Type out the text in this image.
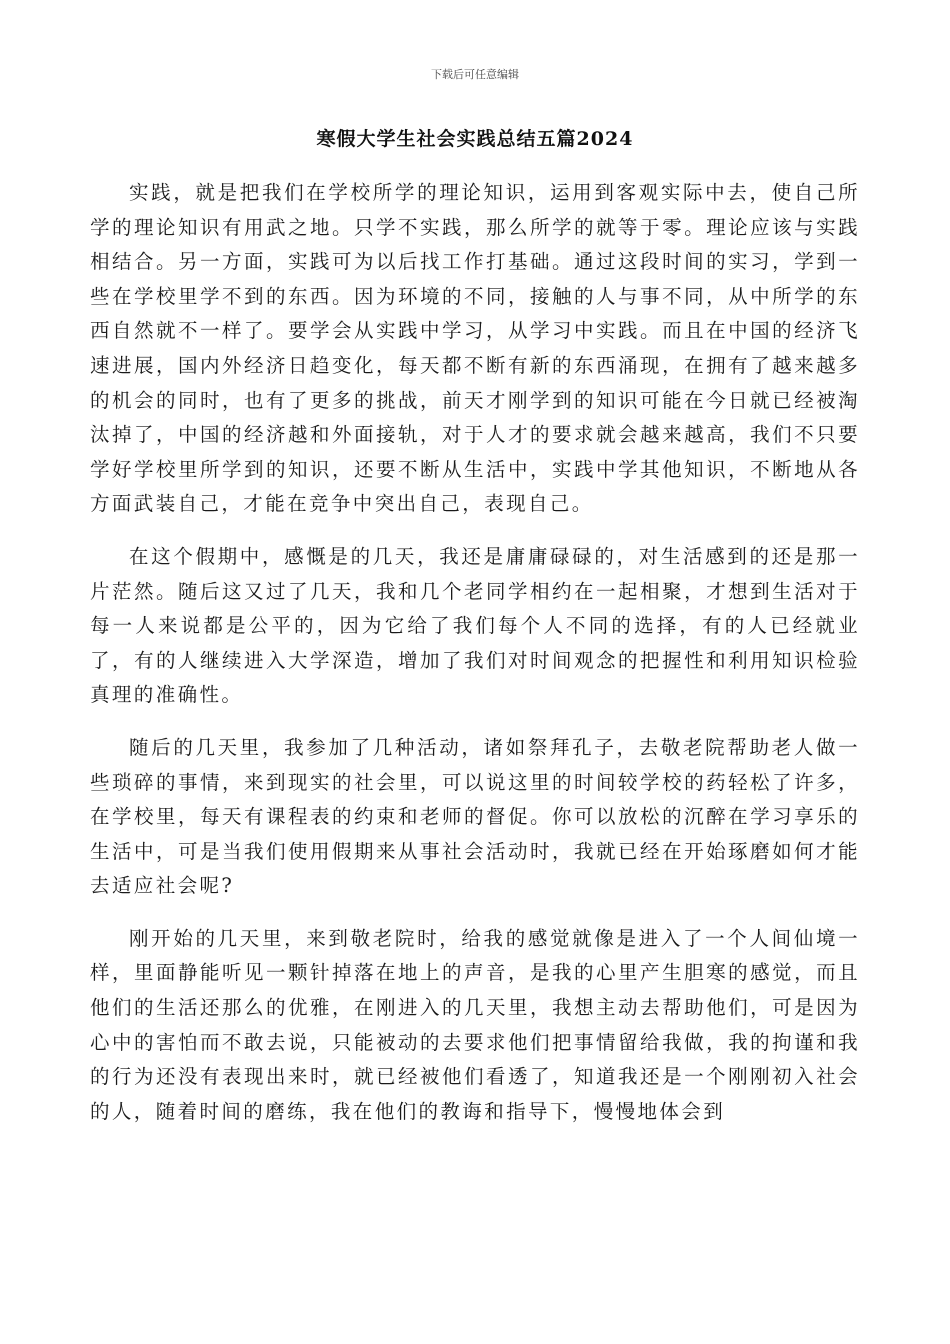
下载后可任意编辑
寒假大学生社会实践总结五篇2024

实践，就是把我们在学校所学的理论知识，运用到客观实际中去，使自己所学的理论知识有用武之地。只学不实践，那么所学的就等于零。理论应该与实践相结合。另一方面，实践可为以后找工作打基础。通过这段时间的实习，学到一些在学校里学不到的东西。因为环境的不同，接触的人与事不同，从中所学的东西自然就不一样了。要学会从实践中学习，从学习中实践。而且在中国的经济飞速进展，国内外经济日趋变化，每天都不断有新的东西涌现，在拥有了越来越多的机会的同时，也有了更多的挑战，前天才刚学到的知识可能在今日就已经被淘汰掉了，中国的经济越和外面接轨，对于人才的要求就会越来越高，我们不只要学好学校里所学到的知识，还要不断从生活中，实践中学其他知识，不断地从各方面武装自己，才能在竞争中突出自己，表现自己。

在这个假期中，感慨是的几天，我还是庸庸碌碌的，对生活感到的还是那一片茫然。随后这又过了几天，我和几个老同学相约在一起相聚，才想到生活对于每一人来说都是公平的，因为它给了我们每个人不同的选择，有的人已经就业了，有的人继续进入大学深造，增加了我们对时间观念的把握性和利用知识检验真理的准确性。

随后的几天里，我参加了几种活动，诸如祭拜孔子，去敬老院帮助老人做一些琐碎的事情，来到现实的社会里，可以说这里的时间较学校的药轻松了许多，在学校里，每天有课程表的约束和老师的督促。你可以放松的沉醉在学习享乐的生活中，可是当我们使用假期来从事社会活动时，我就已经在开始琢磨如何才能去适应社会呢?

刚开始的几天里，来到敬老院时，给我的感觉就像是进入了一个人间仙境一样，里面静能听见一颗针掉落在地上的声音，是我的心里产生胆寒的感觉，而且他们的生活还那么的优雅，在刚进入的几天里，我想主动去帮助他们，可是因为心中的害怕而不敢去说，只能被动的去要求他们把事情留给我做，我的拘谨和我的行为还没有表现出来时，就已经被他们看透了，知道我还是一个刚刚初入社会的人，随着时间的磨练，我在他们的教诲和指导下，慢慢地体会到
